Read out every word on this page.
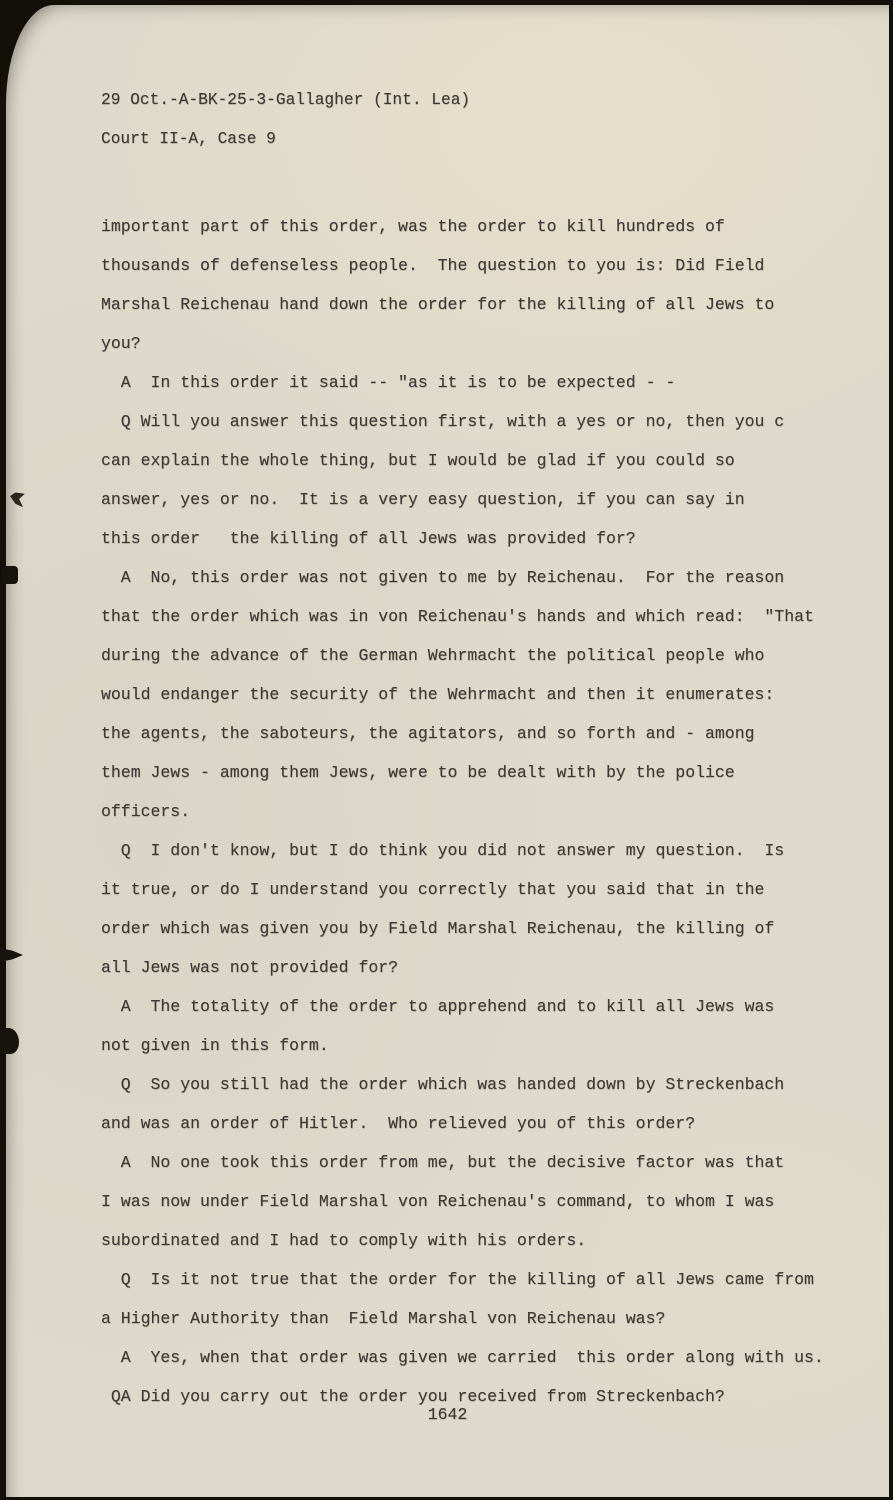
29 Oct.-A-BK-25-3-Gallagher (Int. Lea)
Court II-A, Case 9
important part of this order, was the order to kill hundreds of
thousands of defenseless people.  The question to you is: Did Field
Marshal Reichenau hand down the order for the killing of all Jews to
you?
A  In this order it said -- "as it is to be expected - -
Q Will you answer this question first, with a yes or no, then you c
can explain the whole thing, but I would be glad if you could so
answer, yes or no.  It is a very easy question, if you can say in
this order   the killing of all Jews was provided for?
A  No, this order was not given to me by Reichenau.  For the reason
that the order which was in von Reichenau's hands and which read:  "That
during the advance of the German Wehrmacht the political people who
would endanger the security of the Wehrmacht and then it enumerates:
the agents, the saboteurs, the agitators, and so forth and - among
them Jews - among them Jews, were to be dealt with by the police
officers.
Q  I don't know, but I do think you did not answer my question.  Is
it true, or do I understand you correctly that you said that in the
order which was given you by Field Marshal Reichenau, the killing of
all Jews was not provided for?
A  The totality of the order to apprehend and to kill all Jews was
not given in this form.
Q  So you still had the order which was handed down by Streckenbach
and was an order of Hitler.  Who relieved you of this order?
A  No one took this order from me, but the decisive factor was that
I was now under Field Marshal von Reichenau's command, to whom I was
subordinated and I had to comply with his orders.
Q  Is it not true that the order for the killing of all Jews came from
a Higher Authority than  Field Marshal von Reichenau was?
A  Yes, when that order was given we carried  this order along with us.
QA Did you carry out the order you received from Streckenbach?
1642
